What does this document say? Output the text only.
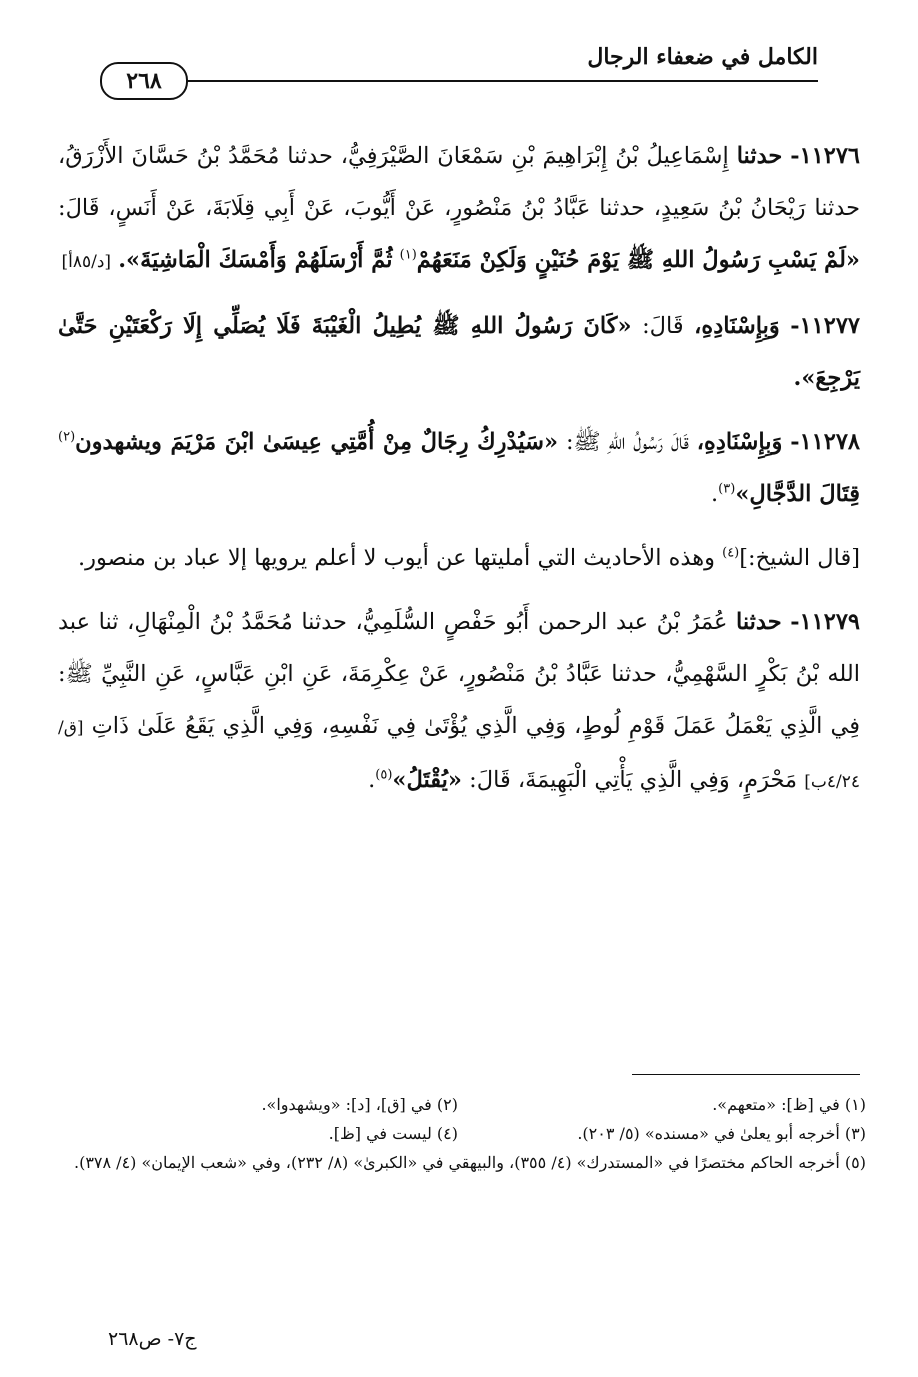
الكامل في ضعفاء الرجال
٢٦٨

١١٢٧٦- حدثنا إِسْمَاعِيلُ بْنُ إِبْرَاهِيمَ بْنِ سَمْعَانَ الصَّيْرَفِيُّ، حدثنا مُحَمَّدُ بْنُ حَسَّانَ الأَزْرَقُ، حدثنا رَيْحَانُ بْنُ سَعِيدٍ، حدثنا عَبَّادُ بْنُ مَنْصُورٍ، عَنْ أَيُّوبَ، عَنْ أَبِي قِلَابَةَ، عَنْ أَنَسٍ، قَالَ: «لَمْ يَسْبِ رَسُولُ اللهِ ﷺ يَوْمَ حُنَيْنٍ وَلَكِنْ مَنَعَهُمْ$^{(١)}$ ثُمَّ أَرْسَلَهُمْ وَأَمْسَكَ الْمَاشِيَةَ». [د/٨٥أ]

١١٢٧٧- وَبِإِسْنَادِهِ، قَالَ: «كَانَ رَسُولُ اللهِ ﷺ يُطِيلُ الْغَيْبَةَ فَلَا يُصَلِّي إِلَا رَكْعَتَيْنِ حَتَّىٰ يَرْجِعَ».

١١٢٧٨- وَبِإِسْنَادِهِ، قَالَ رَسُولُ اللهِ ﷺ: «سَيُدْرِكُ رِجَالٌ مِنْ أُمَّتِي عِيسَىٰ ابْنَ مَرْيَمَ ويشهدون$^{(٢)}$ قِتَالَ الدَّجَّالِ»$^{(٣)}$.

[قال الشيخ:]$^{(٤)}$ وهذه الأحاديث التي أمليتها عن أيوب لا أعلم يرويها إلا عباد بن منصور.

١١٢٧٩- حدثنا عُمَرُ بْنُ عبد الرحمن أَبُو حَفْصٍ السُّلَمِيُّ، حدثنا مُحَمَّدُ بْنُ الْمِنْهَالِ، ثنا عبد الله بْنُ بَكْرٍ السَّهْمِيُّ، حدثنا عَبَّادُ بْنُ مَنْصُورٍ، عَنْ عِكْرِمَةَ، عَنِ ابْنِ عَبَّاسٍ، عَنِ النَّبِيِّ ﷺ: فِي الَّذِي يَعْمَلُ عَمَلَ قَوْمِ لُوطٍ، وَفِي الَّذِي يُؤْتَىٰ فِي نَفْسِهِ، وَفِي الَّذِي يَقَعُ عَلَىٰ ذَاتِ [ق/٤/٢٤ب] مَحْرَمٍ، وَفِي الَّذِي يَأْتِي الْبَهِيمَةَ، قَالَ: «يُقْتَلُ»$^{(٥)}$.

(١) في [ظ]: «متعهم».
(٢) في [ق]، [د]: «ويشهدوا».
(٣) أخرجه أبو يعلىٰ في «مسنده» (٥/ ٢٠٣).
(٤) ليست في [ظ].

(٥) أخرجه الحاكم مختصرًا في «المستدرك» (٤/ ٣٥٥)، والبيهقي في «الكبرىٰ» (٨/ ٢٣٢)، وفي «شعب الإيمان» (٤/ ٣٧٨).

ج٧- ص٢٦٨
